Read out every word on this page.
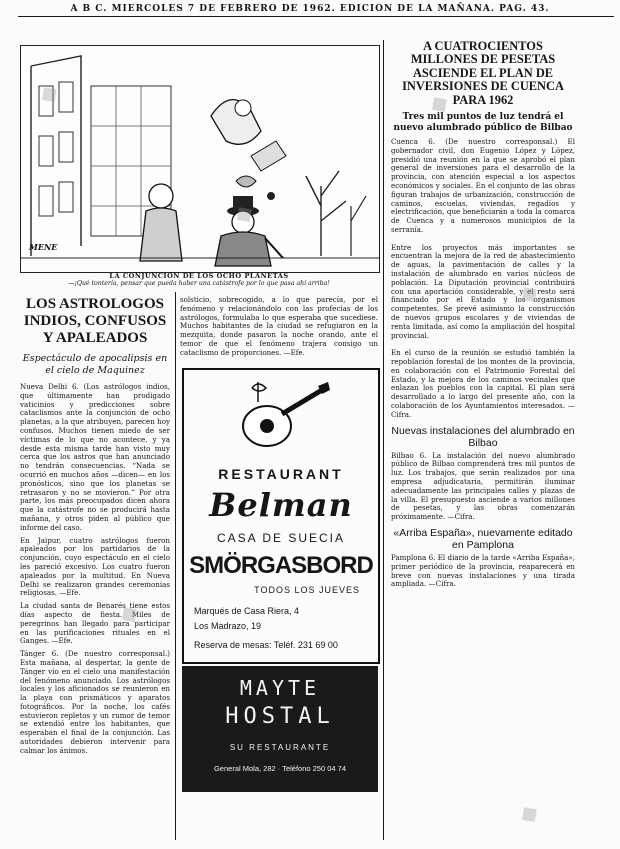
A B C. MIERCOLES 7 DE FEBRERO DE 1962. EDICION DE LA MAÑANA. PAG. 43.
MENE
LA CONJUNCION DE LOS OCHO PLANETAS
—¡Qué tontería, pensar que pueda haber una catástrofe por lo que pasa ahí arriba!
LOS ASTROLOGOS INDIOS, CONFUSOS Y APALEADOS
Espectáculo de apocalipsis en el cielo de Maquinez

Nueva Delhi 6. (Los astrólogos indios, que últimamente han prodigado vaticinios y predicciones sobre cataclismos ante la conjunción de ocho planetas, a la que atribuyen, parecen hoy confusos. Muchos tienen miedo de ser víctimas de lo que no acontece, y ya desde esta misma tarde han visto muy cerca que los astros que han anunciado no tendrán consecuencias. “Nada se ocurrió en muchos años —dicen— en los pronósticos, sino que los planetas se retrasaron y no se movieron.” Por otra parte, los más preocupados dicen ahora que la catástrofe no se producirá hasta mañana, y otros piden al público que informe del caso.

En Jaipur, cuatro astrólogos fueron apaleados por los partidarios de la conjunción, cuyo espectáculo en el cielo les pareció excesivo. Los cuatro fueron apaleados por la multitud. En Nueva Delhi se realizaron grandes ceremonias religiosas. —Efe.

La ciudad santa de Benarés tiene estos días aspecto de fiesta. Miles de peregrinos han llegado para participar en las purificaciones rituales en el Ganges. —Efe.

Tánger 6. (De nuestro corresponsal.) Esta mañana, al despertar, la gente de Tánger vio en el cielo una manifestación del fenómeno anunciado. Los astrólogos locales y los aficionados se reunieron en la playa con prismáticos y aparatos fotográficos. Por la noche, los cafés estuvieron repletos y un rumor de temor se extendió entre los habitantes, que esperaban el final de la conjunción. Las autoridades debieron intervenir para calmar los ánimos.

solsticio, sobrecogido, a lo que parecía, por el fenómeno y relacionándolo con las profecías de los astrólogos, formulaba lo que esperaba que sucediese. Muchos habitantes de la ciudad se refugiaron en la mezquita, donde pasaron la noche orando, ante el temor de que el fenómeno trajera consigo un cataclismo de proporciones. —Efe.

RESTAURANT
Belman
CASA DE SUECIA
SMÖRGASBORD
TODOS LOS JUEVES
Marqués de Casa Riera, 4
Los Madrazo, 19
Reserva de mesas: Teléf. 231 69 00
MAYTE
HOSTAL
SU RESTAURANTE
General Mola, 282 · Teléfono 250 04 74
A CUATROCIENTOS MILLONES DE PESETAS ASCIENDE EL PLAN DE INVERSIONES DE CUENCA PARA 1962
Tres mil puntos de luz tendrá el nuevo alumbrado público de Bilbao

Cuenca 6. (De nuestro corresponsal.) El gobernador civil, don Eugenio López y López, presidió una reunión en la que se aprobó el plan general de inversiones para el desarrollo de la provincia, con atención especial a los aspectos económicos y sociales. En el conjunto de las obras figuran trabajos de urbanización, construcción de caminos, escuelas, viviendas, regadíos y electrificación, que beneficiarán a toda la comarca de Cuenca y a numerosos municipios de la serranía.

Entre los proyectos más importantes se encuentran la mejora de la red de abastecimiento de aguas, la pavimentación de calles y la instalación de alumbrado en varios núcleos de población. La Diputación provincial contribuirá con una aportación considerable, y el resto será financiado por el Estado y los organismos competentes. Se prevé asimismo la construcción de nuevos grupos escolares y de viviendas de renta limitada, así como la ampliación del hospital provincial.

En el curso de la reunión se estudió también la repoblación forestal de los montes de la provincia, en colaboración con el Patrimonio Forestal del Estado, y la mejora de los caminos vecinales que enlazan los pueblos con la capital. El plan será desarrollado a lo largo del presente año, con la colaboración de los Ayuntamientos interesados. —Cifra.

Nuevas instalaciones del alumbrado en Bilbao

Bilbao 6. La instalación del nuevo alumbrado público de Bilbao comprenderá tres mil puntos de luz. Los trabajos, que serán realizados por una empresa adjudicataria, permitirán iluminar adecuadamente las principales calles y plazas de la villa. El presupuesto asciende a varios millones de pesetas, y las obras comenzarán próximamente. —Cifra.

«Arriba España», nuevamente editado en Pamplona

Pamplona 6. El diario de la tarde «Arriba España», primer periódico de la provincia, reaparecerá en breve con nuevas instalaciones y una tirada ampliada. —Cifra.

◆	◆
◆
◆
◆
◆
